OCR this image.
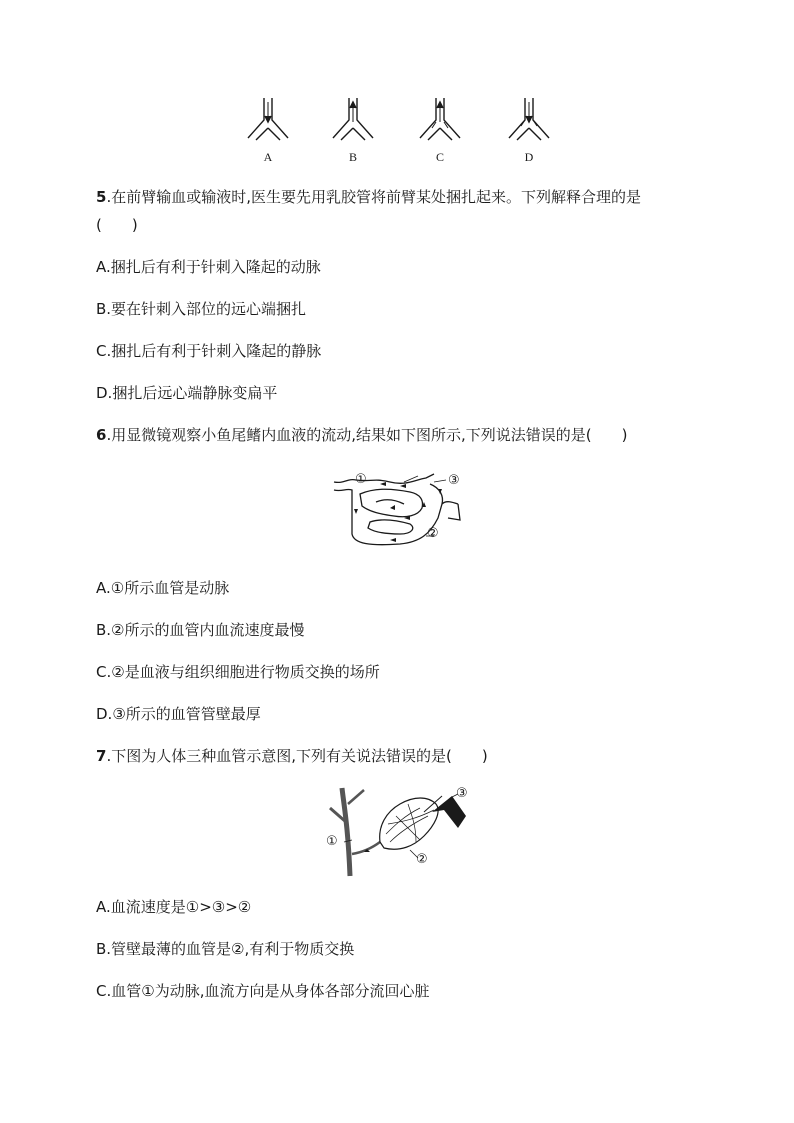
A	B	C	D
5.在前臂输血或输液时,医生要先用乳胶管将前臂某处捆扎起来。下列解释合理的是
(　　)
A.捆扎后有利于针刺入隆起的动脉
B.要在针刺入部位的远心端捆扎
C.捆扎后有利于针刺入隆起的静脉
D.捆扎后远心端静脉变扁平
6.用显微镜观察小鱼尾鳍内血液的流动,结果如下图所示,下列说法错误的是(　　)
①
②
③
A.①所示血管是动脉
B.②所示的血管内血流速度最慢
C.②是血液与组织细胞进行物质交换的场所
D.③所示的血管管壁最厚
7.下图为人体三种血管示意图,下列有关说法错误的是(　　)
①
②
③
A.血流速度是①>③>②
B.管壁最薄的血管是②,有利于物质交换
C.血管①为动脉,血流方向是从身体各部分流回心脏
